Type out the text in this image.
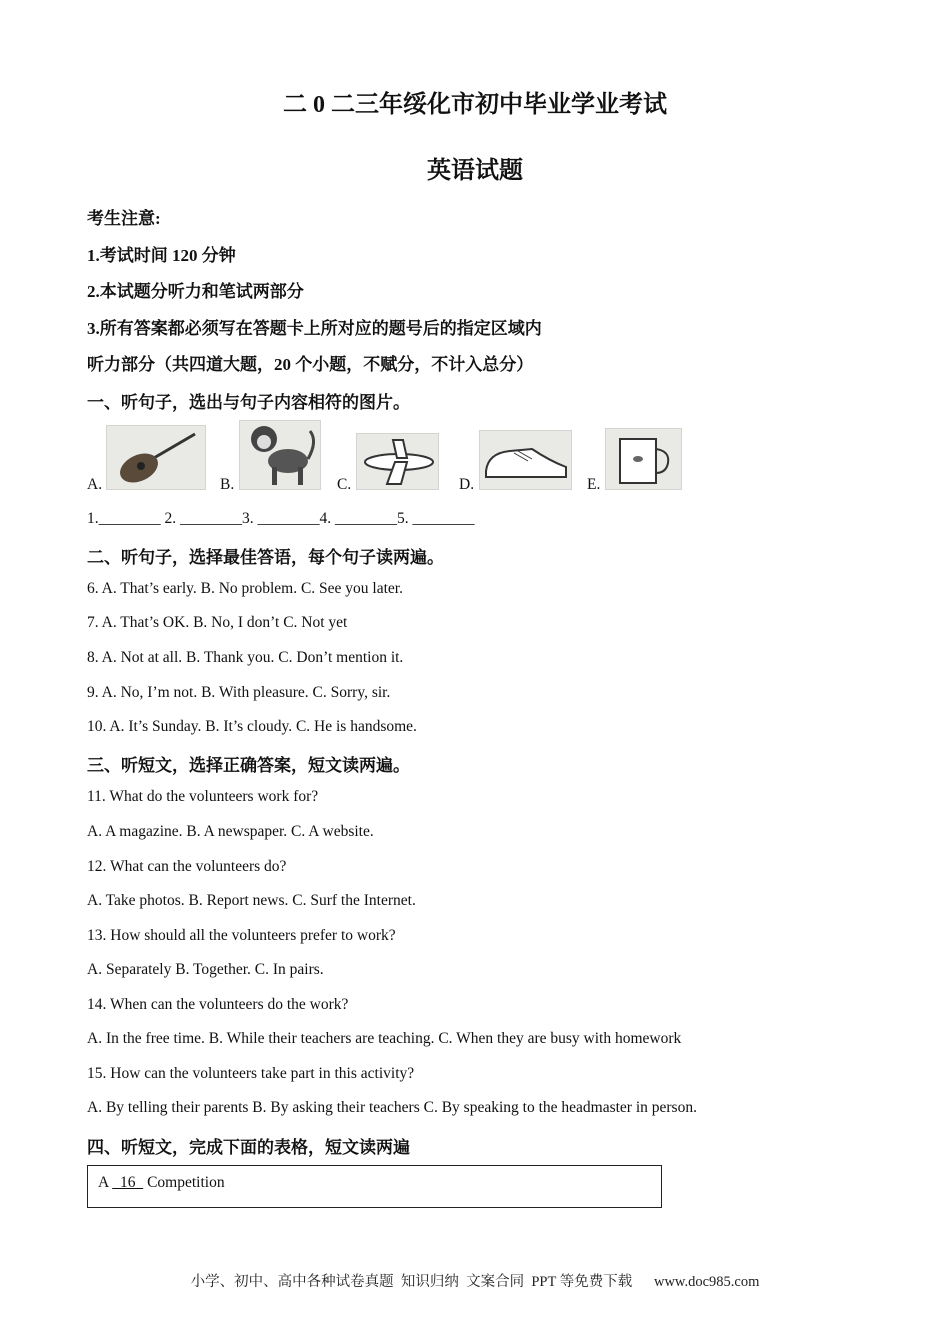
二 0 二三年绥化市初中毕业学业考试
英语试题
考生注意:
1.考试时间 120 分钟
2.本试题分听力和笔试两部分
3.所有答案都必须写在答题卡上所对应的题号后的指定区域内
听力部分（共四道大题，20 个小题，不赋分，不计入总分）
一、听句子，选出与句子内容相符的图片。
A.	B.	C.	D.	E.
1.________ 2. ________3. ________4. ________5. ________
二、听句子，选择最佳答语，每个句子读两遍。
6. A. That’s early. B. No problem. C. See you later.
7. A. That’s OK. B. No, I don’t C. Not yet
8. A. Not at all. B. Thank you. C. Don’t mention it.
9. A. No, I’m not. B. With pleasure. C. Sorry, sir.
10. A. It’s Sunday. B. It’s cloudy. C. He is handsome.
三、听短文，选择正确答案，短文读两遍。
11. What do the volunteers work for?
A. A magazine. B. A newspaper. C. A website.
12. What can the volunteers do?
A. Take photos. B. Report news. C. Surf the Internet.
13. How should all the volunteers prefer to work?
A. Separately B. Together. C. In pairs.
14. When can the volunteers do the work?
A. In the free time. B. While their teachers are teaching. C. When they are busy with homework
15. How can the volunteers take part in this activity?
A. By telling their parents B. By asking their teachers C. By speaking to the headmaster in person.
四、听短文，完成下面的表格，短文读两遍
A   16   Competition
小学、初中、高中各种试卷真题  知识归纳  文案合同  PPT 等免费下载      www.doc985.com
